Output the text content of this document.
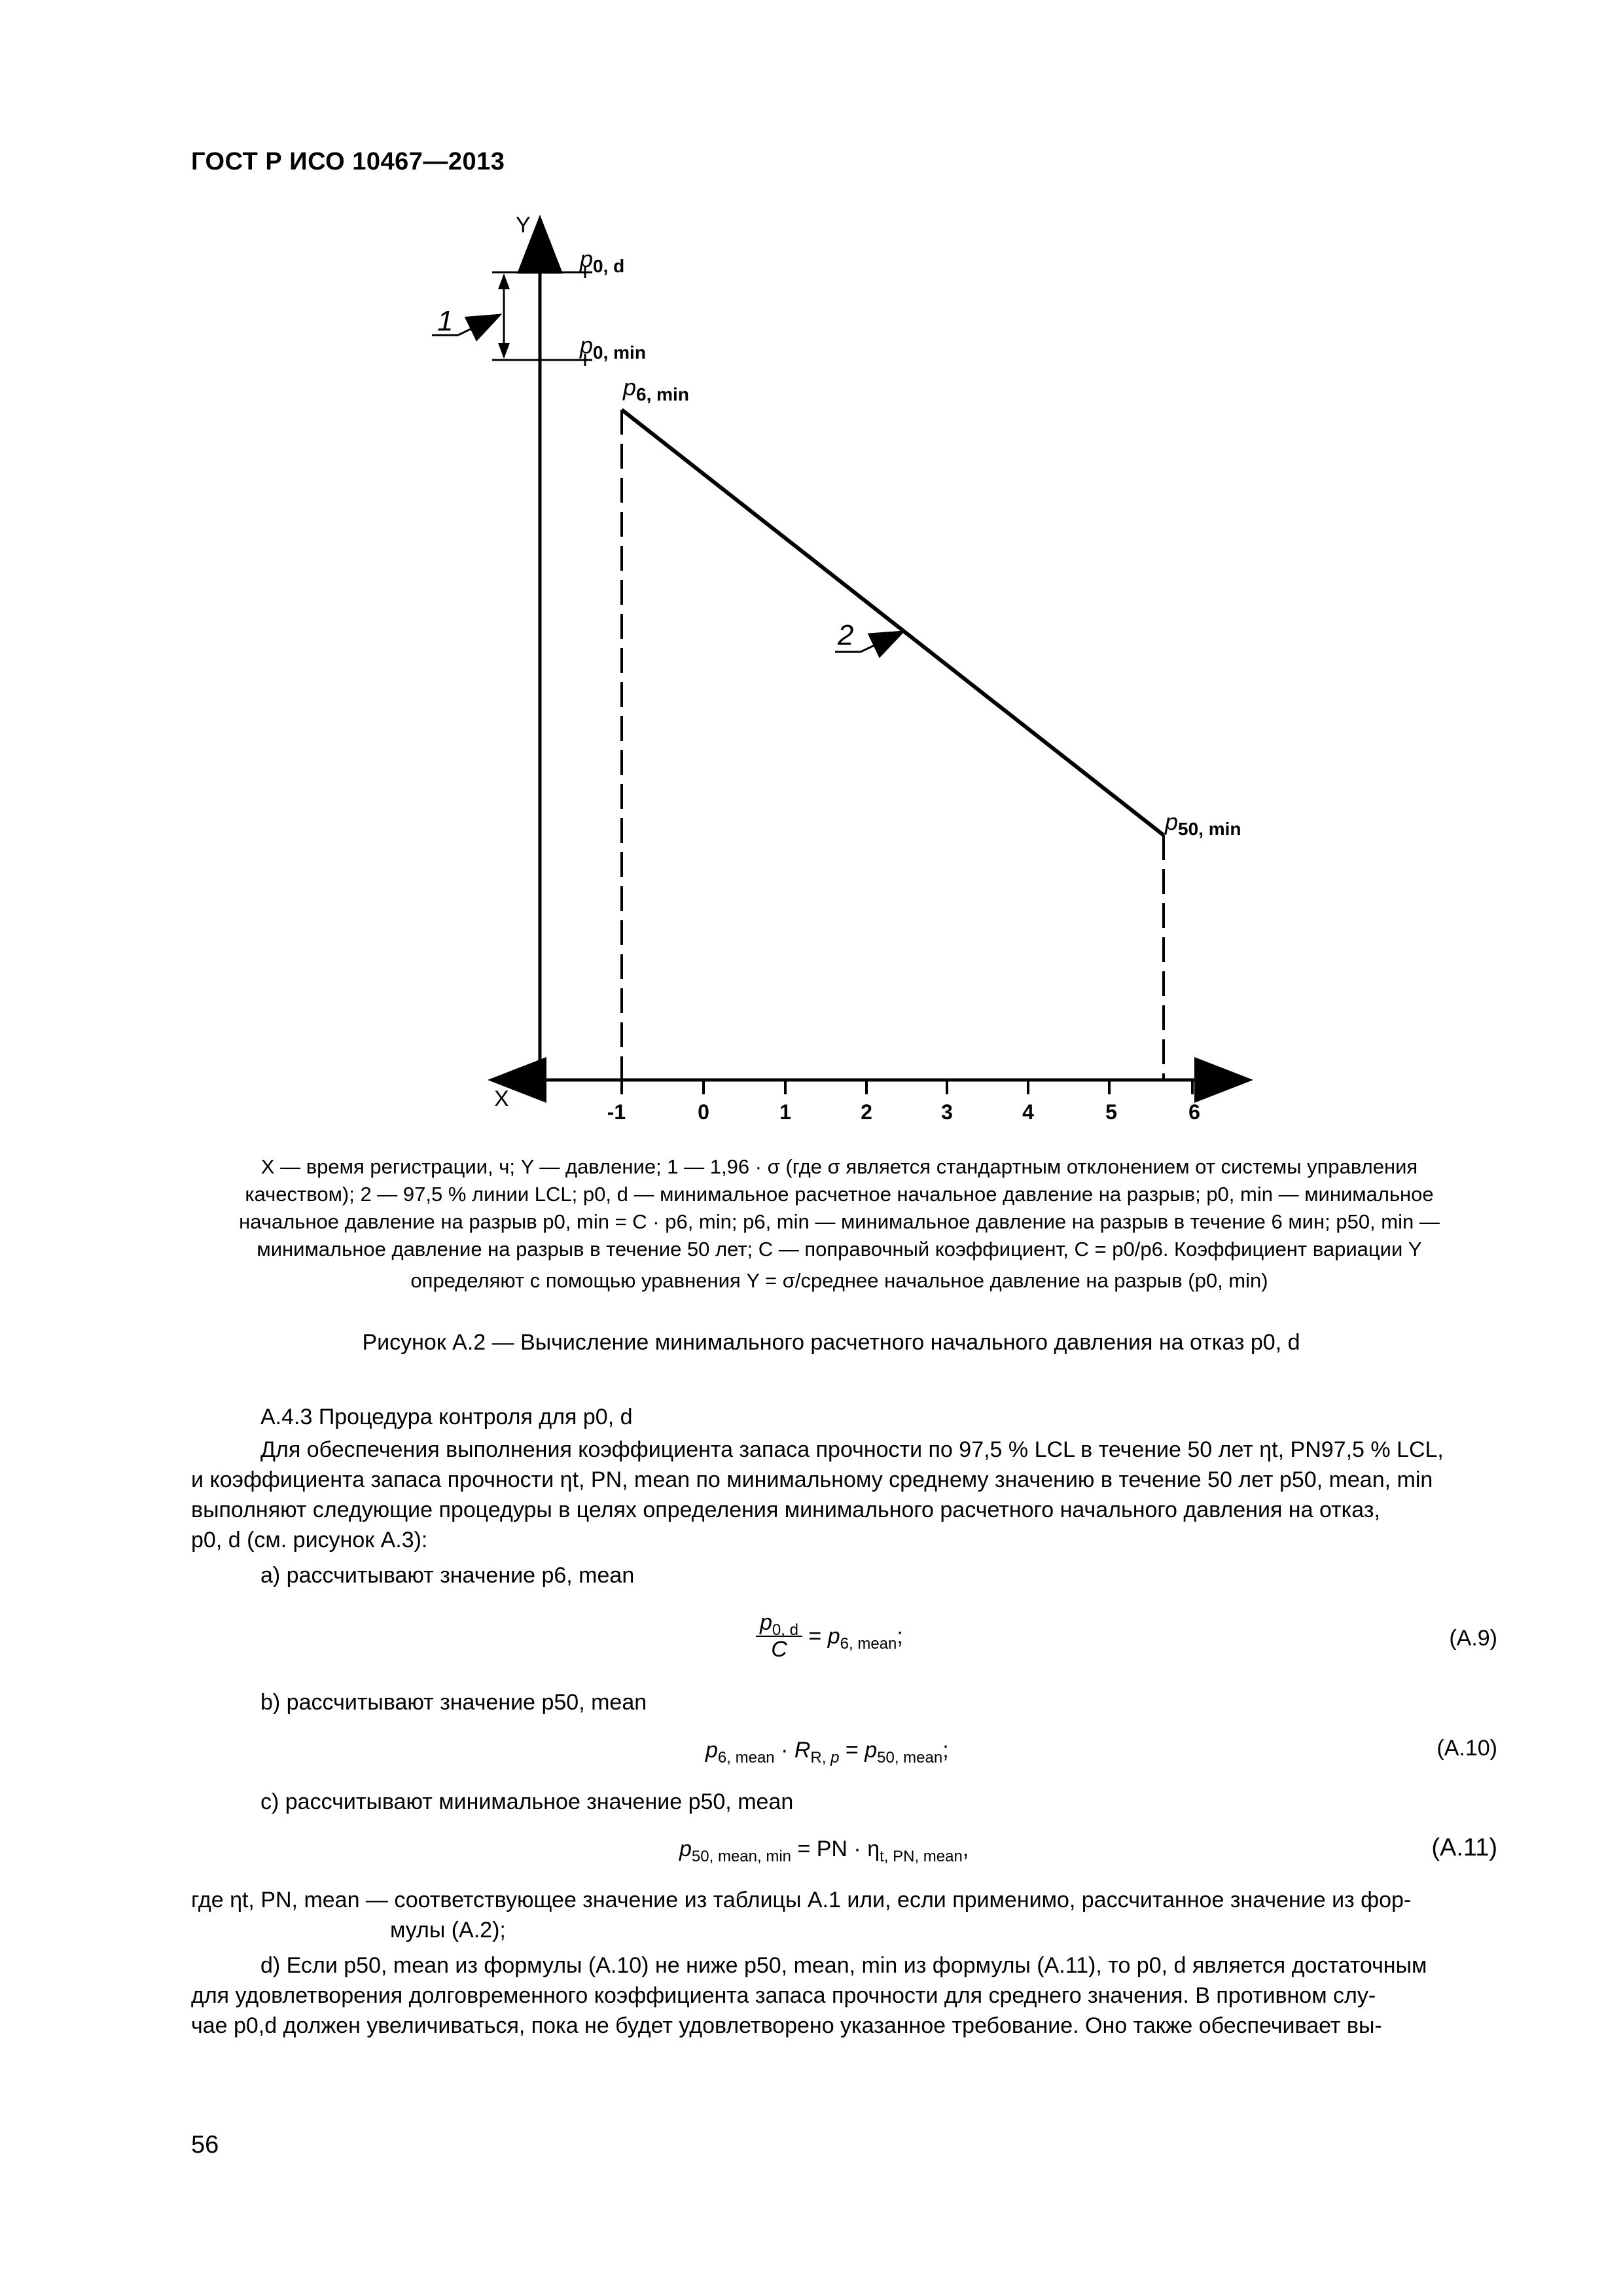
ГОСТ Р ИСО 10467—2013
Y
X
-1	0	1	2	3	4	5	6
1
$p_{0, d}$
$p_{0, min}$
$p_{6, min}$
$p_{50, min}$
2
X — время регистрации, ч; Y — давление; 1 — 1,96 · σ (где σ является стандартным отклонением от системы управления
качеством); 2 — 97,5 % линии LCL; p0, d — минимальное расчетное начальное давление на разрыв; p0, min — минимальное
начальное давление на разрыв p0, min = C · p6, min; p6, min — минимальное давление на разрыв в течение 6 мин; p50, min —
минимальное давление на разрыв в течение 50 лет; C — поправочный коэффициент, C = p0/p6. Коэффициент вариации Y
определяют с помощью уравнения Y = σ/среднее начальное давление на разрыв (p0, min)
Рисунок А.2 — Вычисление минимального расчетного начального давления на отказ p0, d
А.4.3 Процедура контроля для p0, d
Для обеспечения выполнения коэффициента запаса прочности по 97,5 % LCL в течение 50 лет ηt, PN97,5 % LCL,
и коэффициента запаса прочности ηt, PN, mean по минимальному среднему значению в течение 50 лет p50, mean, min
выполняют следующие процедуры в целях определения минимального расчетного начального давления на отказ,
p0, d (см. рисунок А.3):
a) рассчитывают значение p6, mean
$\frac{p_{0, d}}{C} = p_{6, mean}$;	(А.9)
b) рассчитывают значение p50, mean
$p_{6, mean} \cdot R_{R, p} = p_{50, mean}$;	(А.10)
c) рассчитывают минимальное значение p50, mean
$p_{50, mean, min}$ = PN · $\eta_{t, PN, mean}$,	(А.11)
где ηt, PN, mean — соответствующее значение из таблицы А.1 или, если применимо, рассчитанное значение из фор-
мулы (А.2);
d) Если p50, mean из формулы (А.10) не ниже p50, mean, min из формулы (А.11), то p0, d является достаточным
для удовлетворения долговременного коэффициента запаса прочности для среднего значения. В противном слу-
чае p0,d должен увеличиваться, пока не будет удовлетворено указанное требование. Оно также обеспечивает вы-
56
